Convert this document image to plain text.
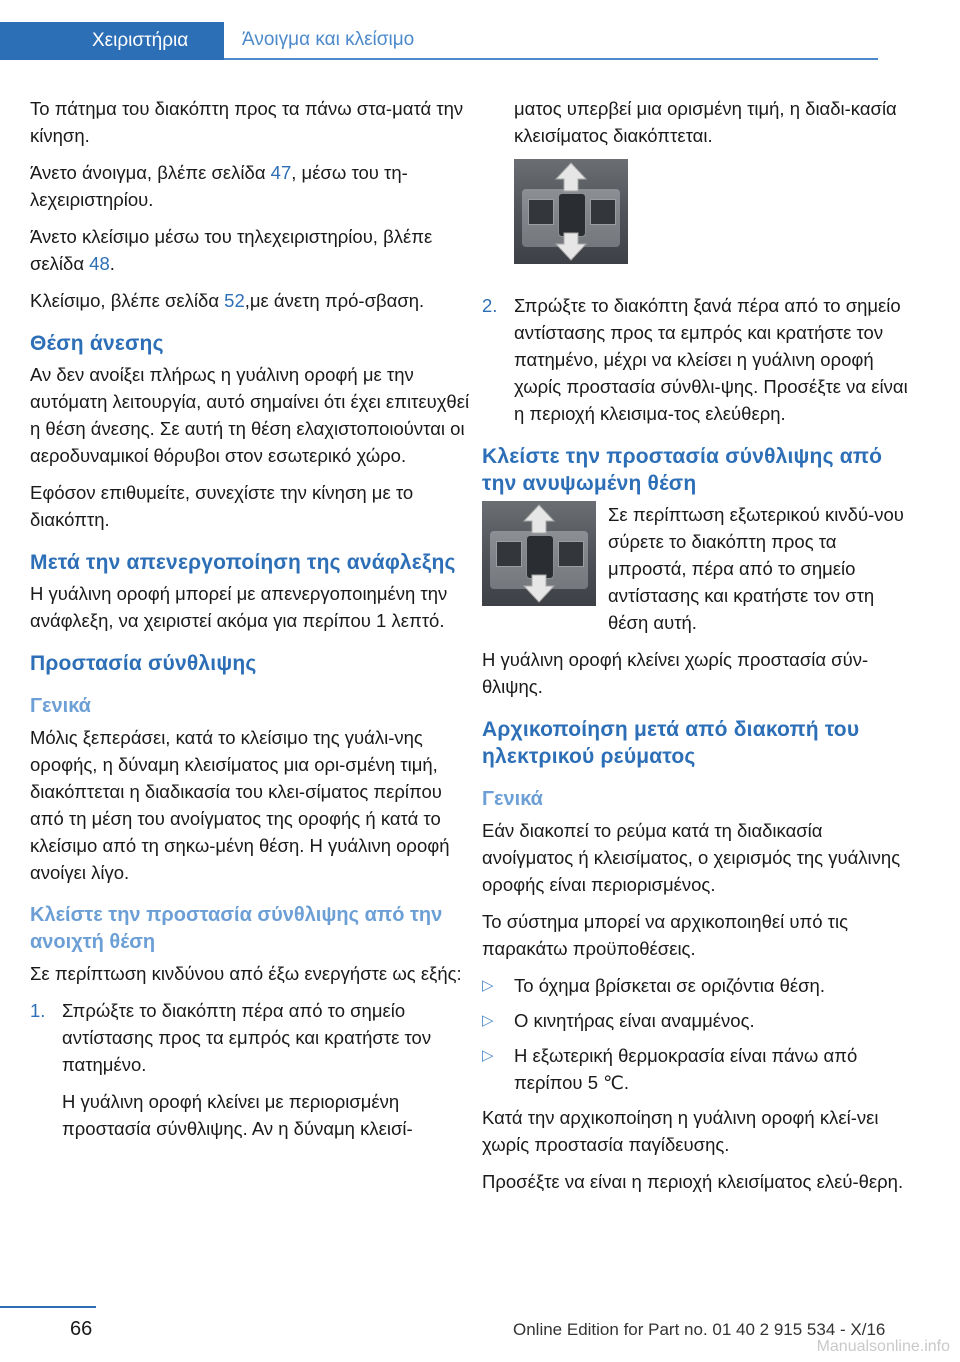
Χειριστήρια	Άνοιγμα και κλείσιμο

Το πάτημα του διακόπτη προς τα πάνω στα-ματά την κίνηση.

Άνετο άνοιγμα, βλέπε σελίδα 47, μέσω του τη-λεχειριστηρίου.

Άνετο κλείσιμο μέσω του τηλεχειριστηρίου, βλέπε σελίδα 48.

Κλείσιμο, βλέπε σελίδα 52,με άνετη πρό-σβαση.

Θέση άνεσης

Αν δεν ανοίξει πλήρως η γυάλινη οροφή με την αυτόματη λειτουργία, αυτό σημαίνει ότι έχει επιτευχθεί η θέση άνεσης. Σε αυτή τη θέση ελαχιστοποιούνται οι αεροδυναμικοί θόρυβοι στον εσωτερικό χώρο.

Εφόσον επιθυμείτε, συνεχίστε την κίνηση με το διακόπτη.

Μετά την απενεργοποίηση της ανάφλεξης

Η γυάλινη οροφή μπορεί με απενεργοποιημένη την ανάφλεξη, να χειριστεί ακόμα για περίπου 1 λεπτό.

Προστασία σύνθλιψης
Γενικά

Μόλις ξεπεράσει, κατά το κλείσιμο της γυάλι-νης οροφής, η δύναμη κλεισίματος μια ορι-σμένη τιμή, διακόπτεται η διαδικασία του κλει-σίματος περίπου από τη μέση του ανοίγματος της οροφής ή κατά το κλείσιμο από τη σηκω-μένη θέση. Η γυάλινη οροφή ανοίγει λίγο.

Κλείστε την προστασία σύνθλιψης από την ανοιχτή θέση

Σε περίπτωση κινδύνου από έξω ενεργήστε ως εξής:

1. Σπρώξτε το διακόπτη πέρα από το σημείο αντίστασης προς τα εμπρός και κρατήστε τον πατημένο.

Η γυάλινη οροφή κλείνει με περιορισμένη προστασία σύνθλιψης. Αν η δύναμη κλεισί-

ματος υπερβεί μια ορισμένη τιμή, η διαδι-κασία κλεισίματος διακόπτεται.

2. Σπρώξτε το διακόπτη ξανά πέρα από το σημείο αντίστασης προς τα εμπρός και κρατήστε τον πατημένο, μέχρι να κλείσει η γυάλινη οροφή χωρίς προστασία σύνθλι-ψης. Προσέξτε να είναι η περιοχή κλεισιμα-τος ελεύθερη.
Κλείστε την προστασία σύνθλιψης από την ανυψωμένη θέση

Σε περίπτωση εξωτερικού κινδύ-νου σύρετε το διακόπτη προς τα μπροστά, πέρα από το σημείο αντίστασης και κρατήστε τον στη θέση αυτή.

Η γυάλινη οροφή κλείνει χωρίς προστασία σύν-θλιψης.

Αρχικοποίηση μετά από διακοπή του ηλεκτρικού ρεύματος
Γενικά

Εάν διακοπεί το ρεύμα κατά τη διαδικασία ανοίγματος ή κλεισίματος, ο χειρισμός της γυάλινης οροφής είναι περιορισμένος.

Το σύστημα μπορεί να αρχικοποιηθεί υπό τις παρακάτω προϋποθέσεις.

▷	Το όχημα βρίσκεται σε οριζόντια θέση.
▷	Ο κινητήρας είναι αναμμένος.
▷	Η εξωτερική θερμοκρασία είναι πάνω από περίπου 5 ℃.

Κατά την αρχικοποίηση η γυάλινη οροφή κλεί-νει χωρίς προστασία παγίδευσης.

Προσέξτε να είναι η περιοχή κλεισίματος ελεύ-θερη.

66	Online Edition for Part no. 01 40 2 915 534 - X/16
Manualsonline.info
